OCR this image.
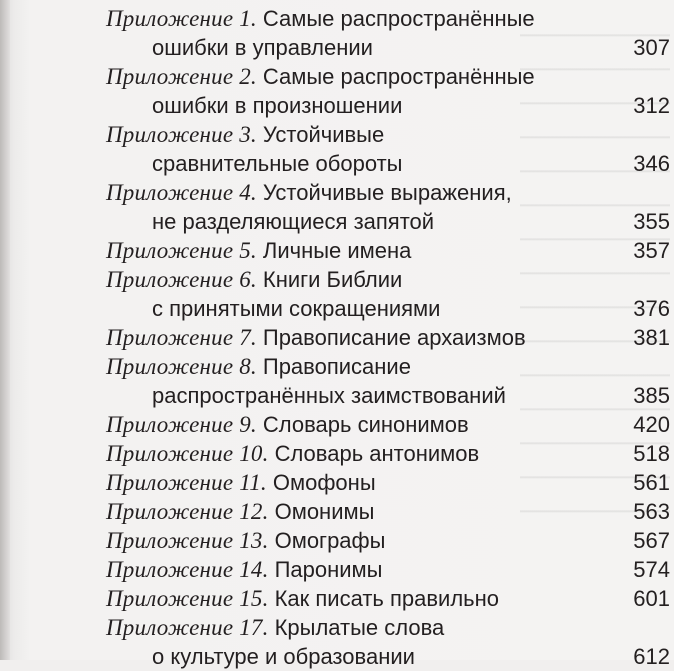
Приложение 1. Самые распространённые
ошибки в управлении	307
Приложение 2. Самые распространённые
ошибки в произношении	312
Приложение 3. Устойчивые
сравнительные обороты	346
Приложение 4. Устойчивые выражения,
не разделяющиеся запятой	355
Приложение 5. Личные имена	357
Приложение 6. Книги Библии
с принятыми сокращениями	376
Приложение 7. Правописание архаизмов	381
Приложение 8. Правописание
распространённых заимствований	385
Приложение 9. Словарь синонимов	420
Приложение 10. Словарь антонимов	518
Приложение 11. Омофоны	561
Приложение 12. Омонимы	563
Приложение 13. Омографы	567
Приложение 14. Паронимы	574
Приложение 15. Как писать правильно	601
Приложение 17. Крылатые слова
о культуре и образовании	612
